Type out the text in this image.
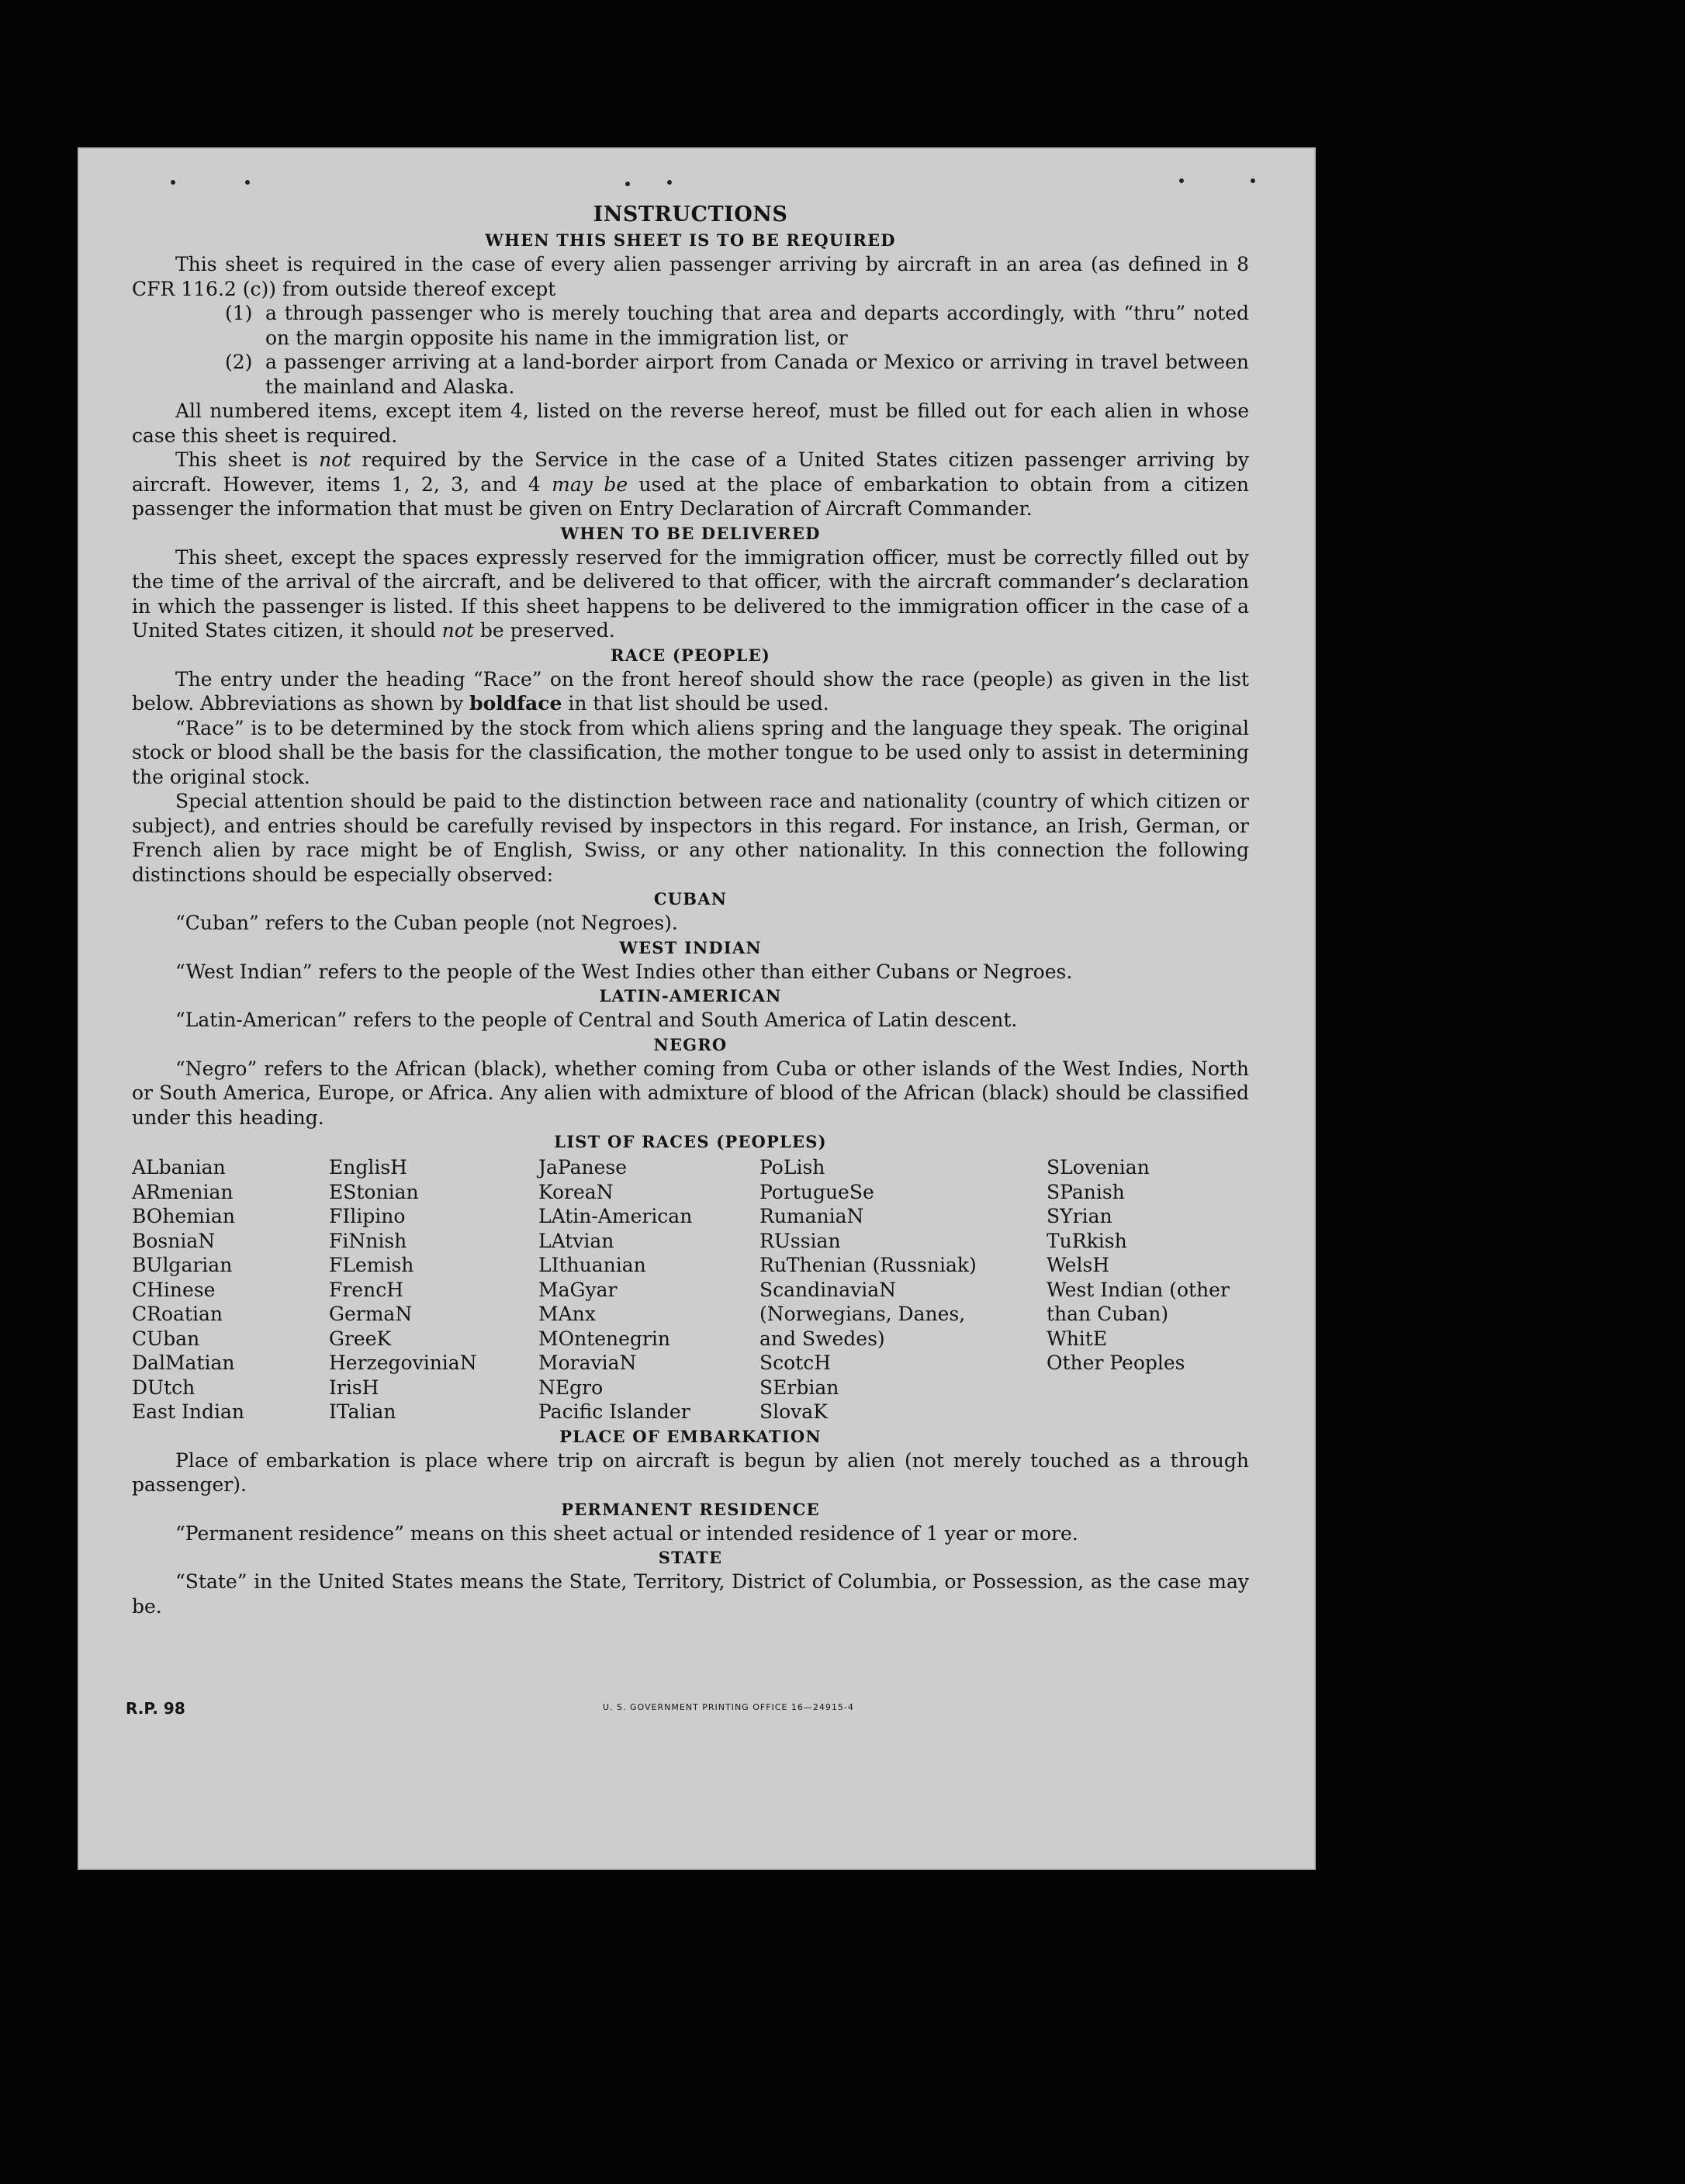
INSTRUCTIONS
WHEN THIS SHEET IS TO BE REQUIRED

This sheet is required in the case of every alien passenger arriving by aircraft in an area (as defined in 8 CFR 116.2 (c)) from outside thereof except

(1) a through passenger who is merely touching that area and departs accordingly, with “thru” noted on the margin opposite his name in the immigration list, or
(2) a passenger arriving at a land-border airport from Canada or Mexico or arriving in travel between the mainland and Alaska.

All numbered items, except item 4, listed on the reverse hereof, must be filled out for each alien in whose case this sheet is required.

This sheet is not required by the Service in the case of a United States citizen passenger arriving by aircraft. However, items 1, 2, 3, and 4 may be used at the place of embarkation to obtain from a citizen passenger the information that must be given on Entry Declaration of Aircraft Commander.

WHEN TO BE DELIVERED

This sheet, except the spaces expressly reserved for the immigration officer, must be correctly filled out by the time of the arrival of the aircraft, and be delivered to that officer, with the aircraft commander’s declaration in which the passenger is listed. If this sheet happens to be delivered to the immigration officer in the case of a United States citizen, it should not be preserved.

RACE (PEOPLE)

The entry under the heading “Race” on the front hereof should show the race (people) as given in the list below. Abbreviations as shown by boldface in that list should be used.

“Race” is to be determined by the stock from which aliens spring and the language they speak. The original stock or blood shall be the basis for the classification, the mother tongue to be used only to assist in determining the original stock.

Special attention should be paid to the distinction between race and nationality (country of which citizen or subject), and entries should be carefully revised by inspectors in this regard. For instance, an Irish, German, or French alien by race might be of English, Swiss, or any other nationality. In this connection the following distinctions should be especially observed:

CUBAN

“Cuban” refers to the Cuban people (not Negroes).

WEST INDIAN

“West Indian” refers to the people of the West Indies other than either Cubans or Negroes.

LATIN-AMERICAN

“Latin-American” refers to the people of Central and South America of Latin descent.

NEGRO

“Negro” refers to the African (black), whether coming from Cuba or other islands of the West Indies, North or South America, Europe, or Africa. Any alien with admixture of blood of the African (black) should be classified under this heading.

LIST OF RACES (PEOPLES)
ALbanian
ARmenian
BOhemian
BosniaN
BUlgarian
CHinese
CRoatian
CUban
DalMatian
DUtch
East Indian
EnglisH
EStonian
FIlipino
FiNnish
FLemish
FrencH
GermaN
GreeK
HerzegoviniaN
IrisH
ITalian
JaPanese
KoreaN
LAtin-American
LAtvian
LIthuanian
MaGyar
MAnx
MOntenegrin
MoraviaN
NEgro
Pacific Islander
PoLish
PortugueSe
RumaniaN
RUssian
RuThenian (Russniak)
ScandinaviaN (Norwegians, Danes, and Swedes)
ScotcH
SErbian
SlovaK
SLovenian
SPanish
SYrian
TuRkish
WelsH
West Indian (other than Cuban)
WhitE
Other Peoples
PLACE OF EMBARKATION

Place of embarkation is place where trip on aircraft is begun by alien (not merely touched as a through passenger).

PERMANENT RESIDENCE

“Permanent residence” means on this sheet actual or intended residence of 1 year or more.

STATE

“State” in the United States means the State, Territory, District of Columbia, or Possession, as the case may be.

R.P. 98	U. S. GOVERNMENT PRINTING OFFICE 16—24915-4
